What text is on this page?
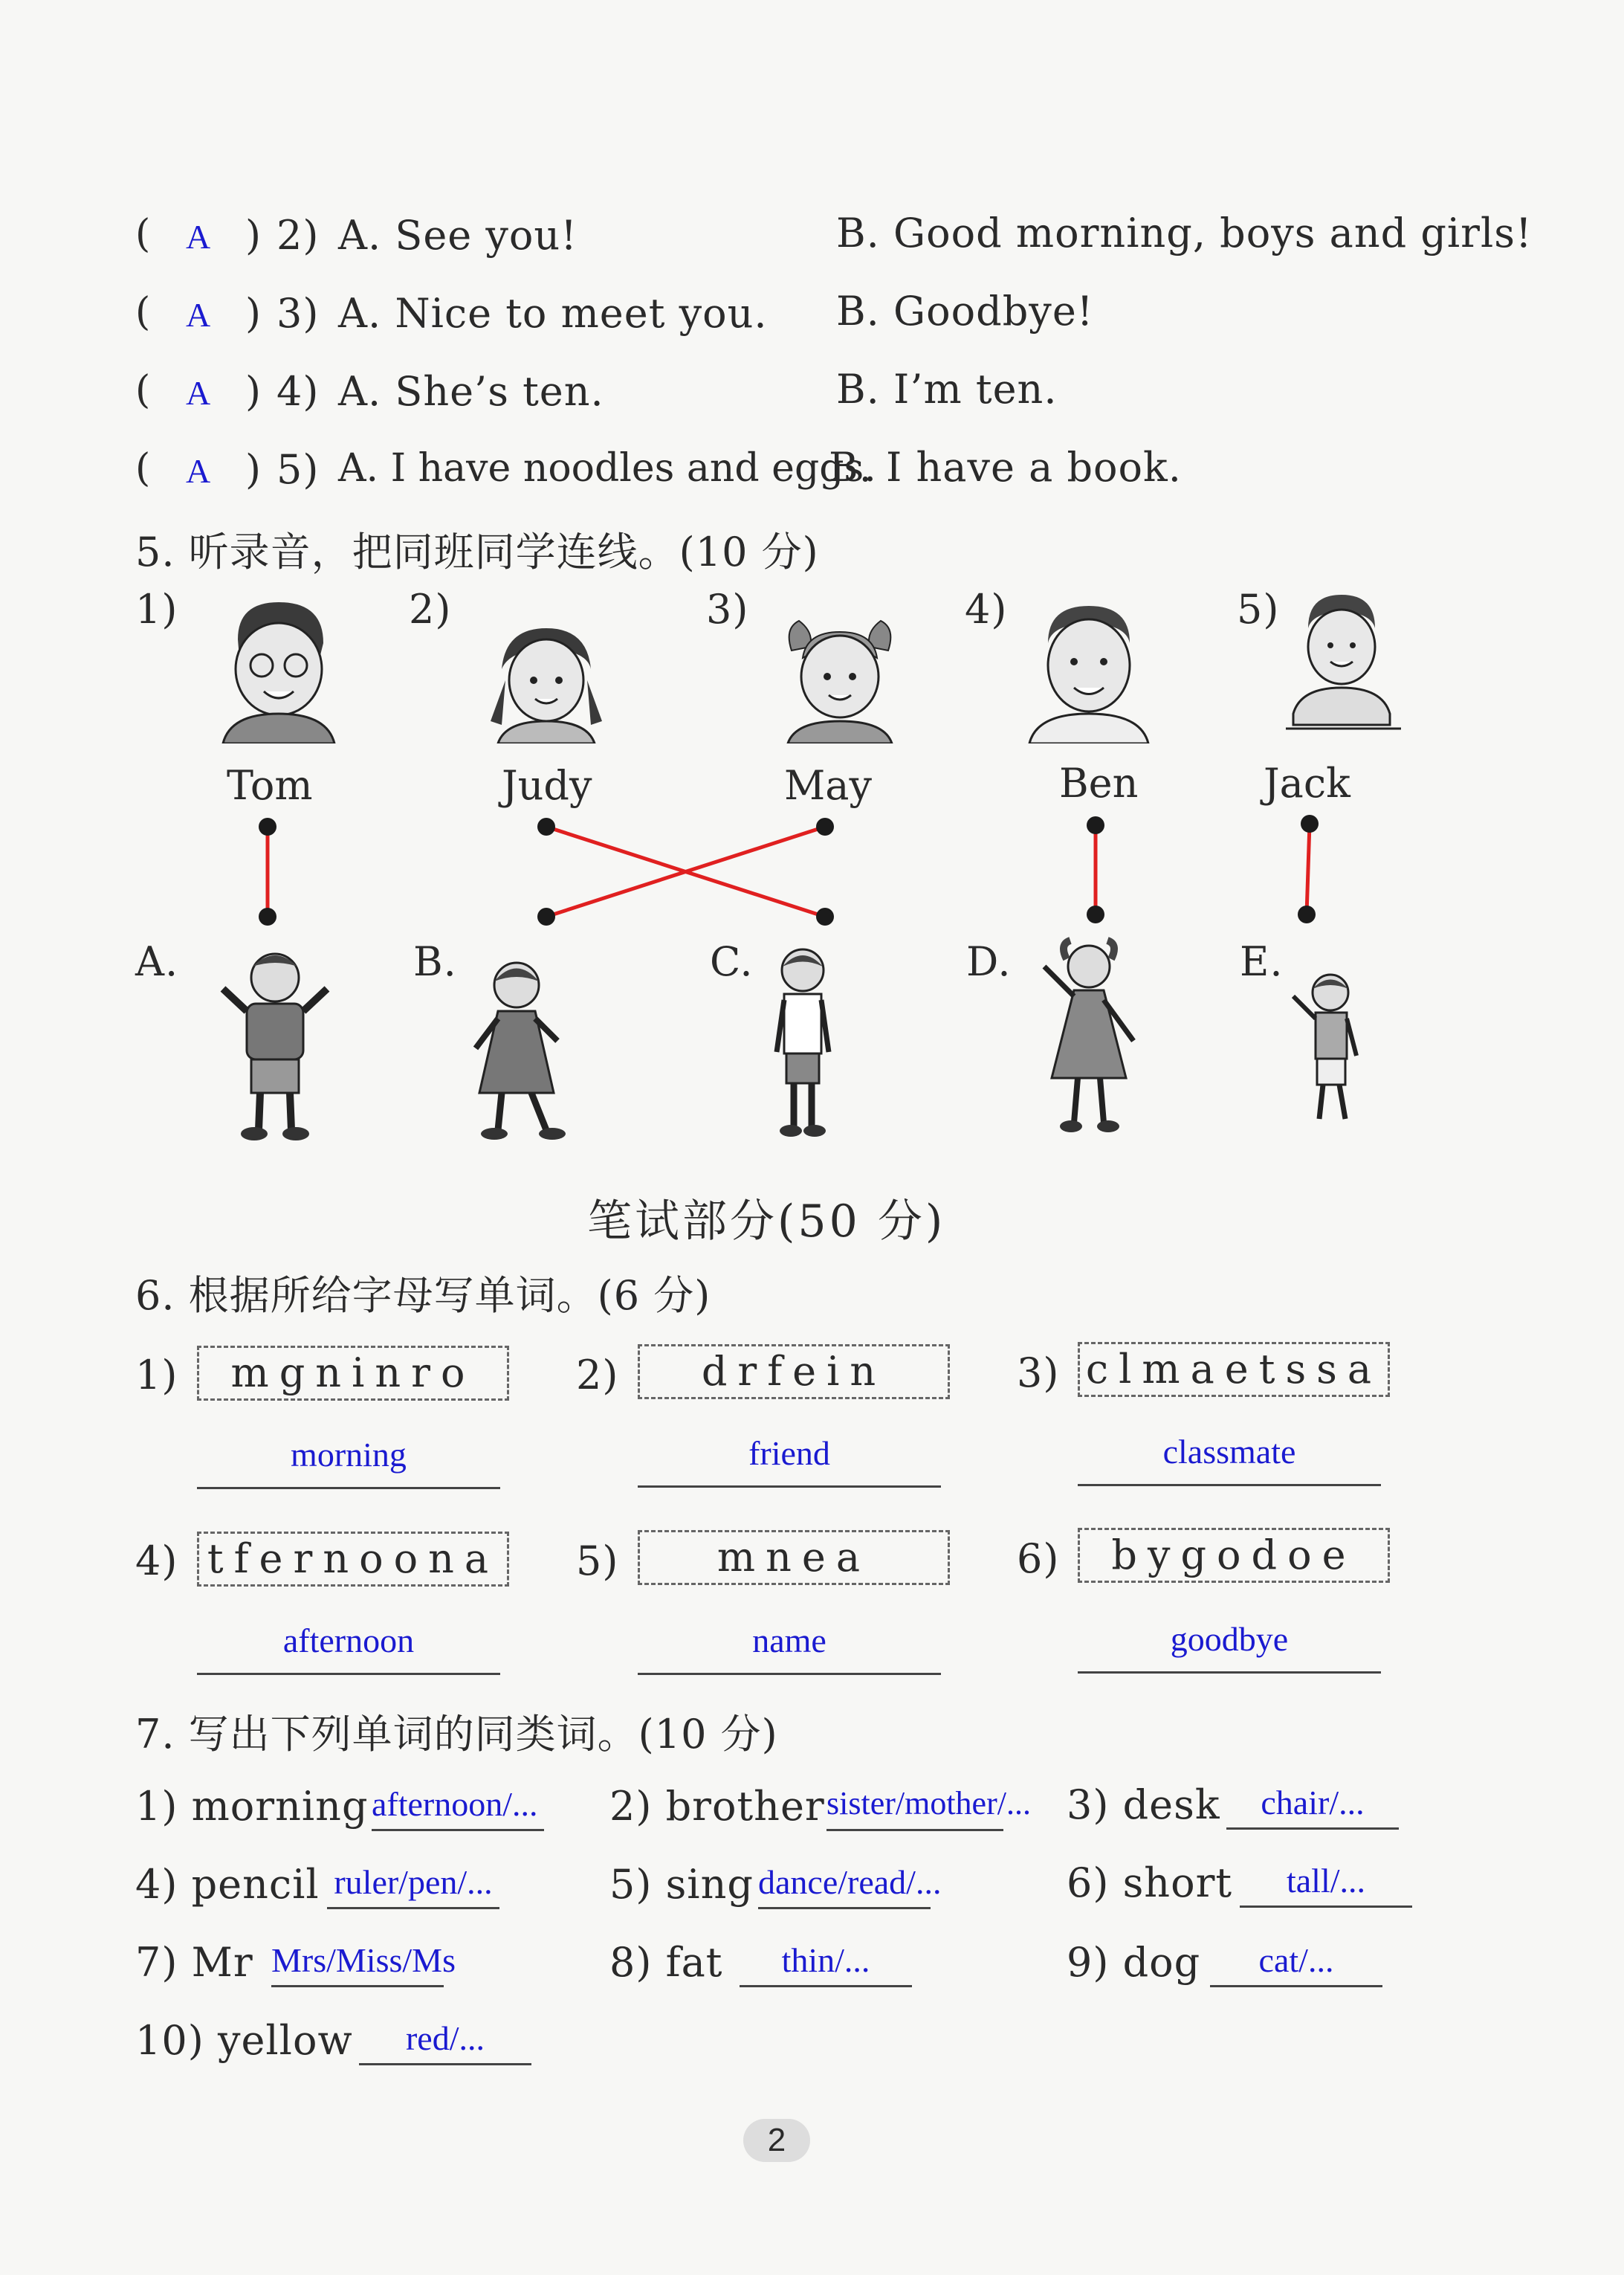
( A ) 2) A. See you!	B. Good morning, boys and girls!
( A ) 3) A. Nice to meet you. B. Goodbye!
( A ) 4) A. She’s ten.	B. I’m ten.
( A ) 5) A. I have noodles and eggs.
B. I have a book.
5. 听录音，把同班同学连线。(10 分)
1)	2)	3)	4)	5)
Tom	Judy	May	Ben	Jack
A.	B.	C.	D.	E.
笔试部分(50 分)
6. 根据所给字母写单词。(6 分)
1)	mgninro	2)	drfein	3) clmaetssa
morning	friend	classmate
4) tfernoona 5)	mnea	6)	bygodoe
afternoon	name	goodbye
7. 写出下列单词的同类词。(10 分)
1) morning afternoon/... 2) brother sister/mother/... 3) desk	chair/...
4) pencil ruler/pen/...	5) sing dance/read/...	6) short	tall/...
7) Mr Mrs/Miss/Ms	8) fat	thin/...	9) dog	cat/...
10) yellow	red/...
2
